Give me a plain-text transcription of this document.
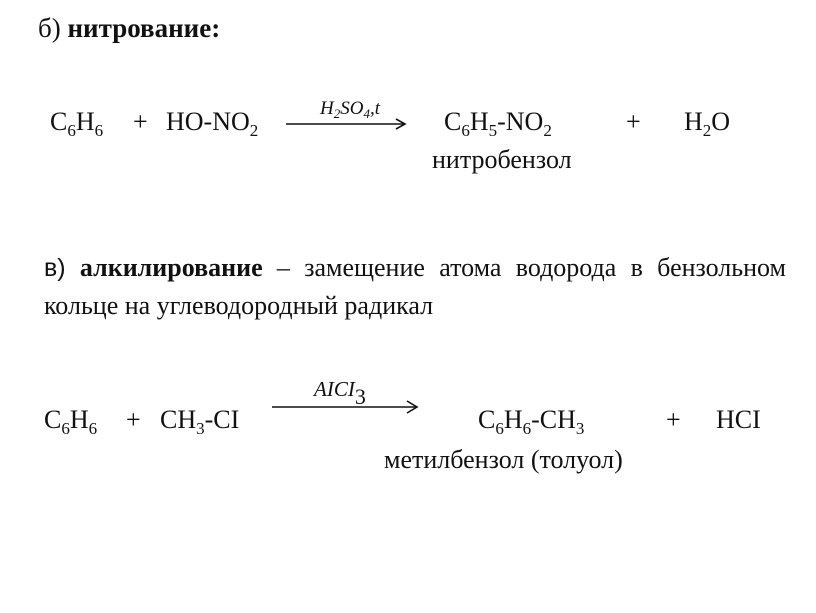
б) нитрование:
$C_6H_6 + HO-NO_2$
$H_2SO_4,t$ $C_6H_5-NO_2$	+ $H_2O$
нитробензол
в) алкилирование – замещение атома водорода в бензольном кольце на углеводородный радикал
AICI3
$C_6H_6 + CH_3-CI$	$C_6H_6-CH_3$	+ HCI
метилбензол (толуол)
